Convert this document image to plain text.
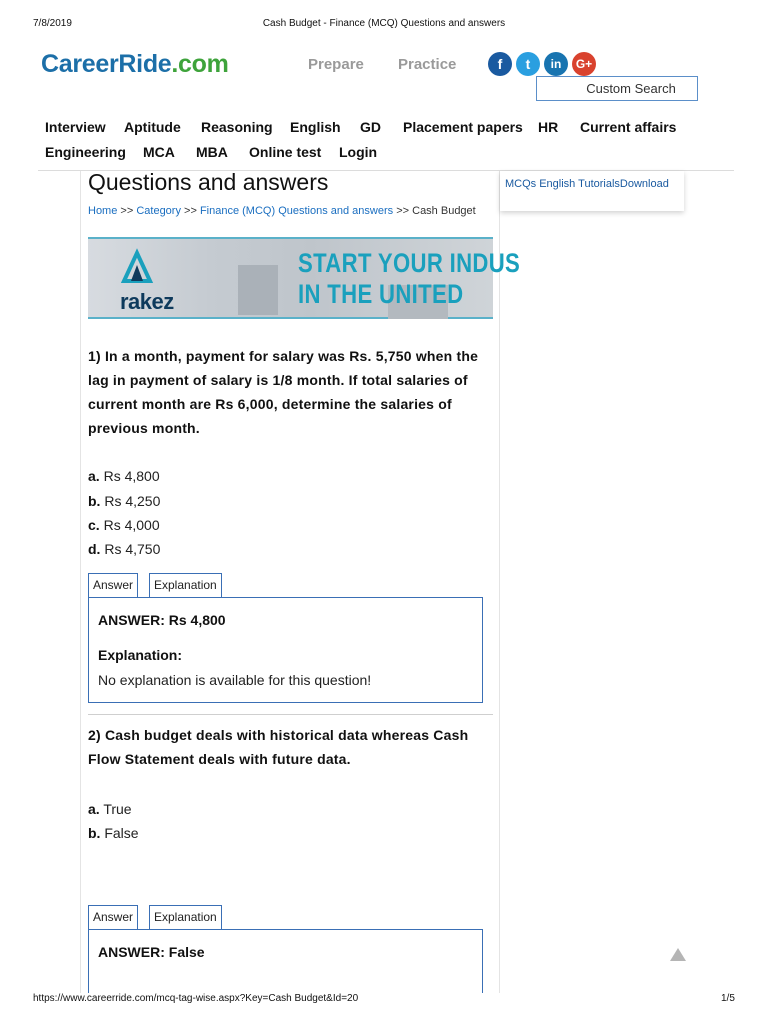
7/8/2019	Cash Budget - Finance (MCQ) Questions and answers
CareerRide.com	Prepare Practice	f	t	in	G+
Custom Search
Interview Aptitude Reasoning English GD Placement papers HR Current affairs
Engineering MCA MBA Online test Login
MCQs English TutorialsDownload
Questions and answers
Home >> Category >> Finance (MCQ) Questions and answers >> Cash Budget
rakez
START YOUR INDUS
IN THE UNITED
1) In a month, payment for salary was Rs. 5,750 when the lag in payment of salary is 1/8 month. If total salaries of current month are Rs 6,000, determine the salaries of previous month.
a. Rs 4,800
b. Rs 4,250
c. Rs 4,000
d. Rs 4,750
Answer	Explanation
ANSWER: Rs 4,800
Explanation:
No explanation is available for this question!
2) Cash budget deals with historical data whereas Cash Flow Statement deals with future data.
a. True
b. False
Answer	Explanation
ANSWER: False
https://www.careerride.com/mcq-tag-wise.aspx?Key=Cash Budget&Id=20	1/5
